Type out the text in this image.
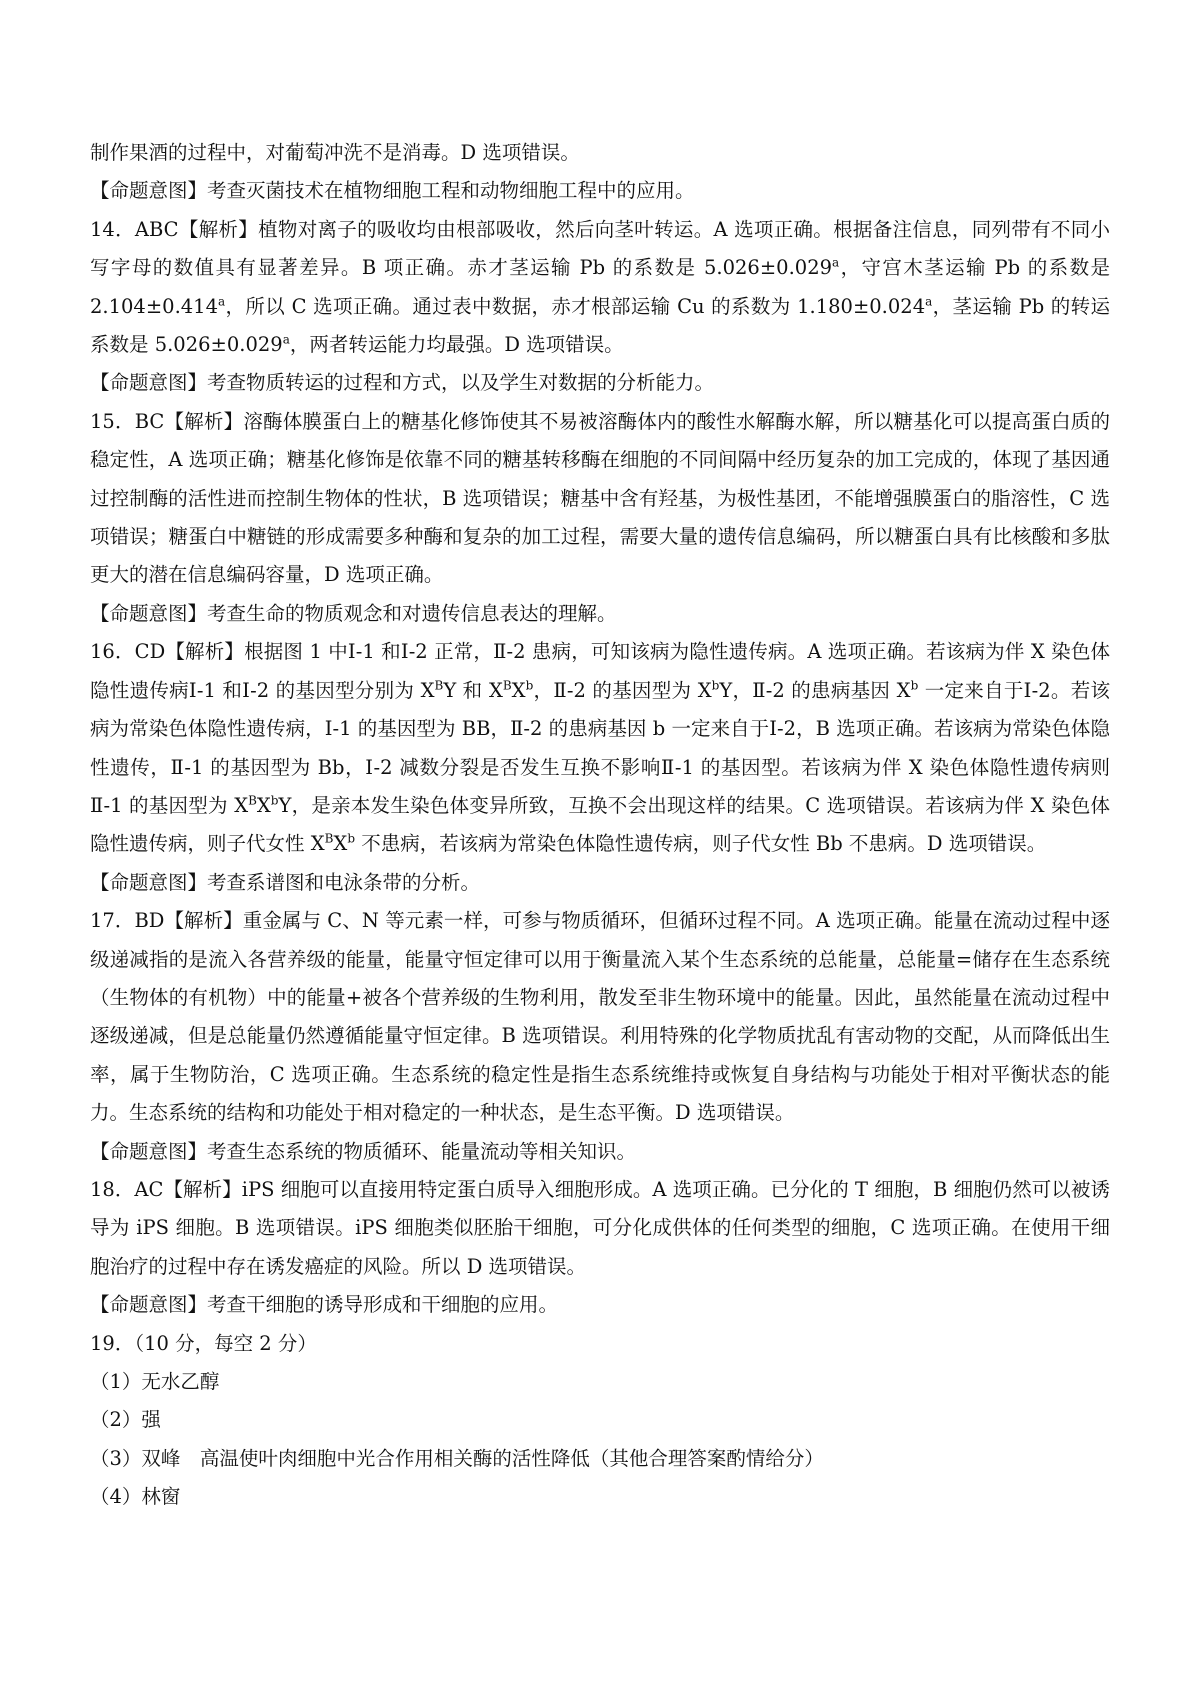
制作果酒的过程中，对葡萄冲洗不是消毒。D 选项错误。

【命题意图】考查灭菌技术在植物细胞工程和动物细胞工程中的应用。

14．ABC【解析】植物对离子的吸收均由根部吸收，然后向茎叶转运。A 选项正确。根据备注信息，同列带有不同小写字母的数值具有显著差异。B 项正确。赤才茎运输 Pb 的系数是 5.026±0.029$^a$，守宫木茎运输 Pb 的系数是 2.104±0.414$^a$，所以 C 选项正确。通过表中数据，赤才根部运输 Cu 的系数为 1.180±0.024$^a$，茎运输 Pb 的转运系数是 5.026±0.029$^a$，两者转运能力均最强。D 选项错误。

【命题意图】考查物质转运的过程和方式，以及学生对数据的分析能力。

15．BC【解析】溶酶体膜蛋白上的糖基化修饰使其不易被溶酶体内的酸性水解酶水解，所以糖基化可以提高蛋白质的稳定性，A 选项正确；糖基化修饰是依靠不同的糖基转移酶在细胞的不同间隔中经历复杂的加工完成的，体现了基因通过控制酶的活性进而控制生物体的性状，B 选项错误；糖基中含有羟基，为极性基团，不能增强膜蛋白的脂溶性，C 选项错误；糖蛋白中糖链的形成需要多种酶和复杂的加工过程，需要大量的遗传信息编码，所以糖蛋白具有比核酸和多肽更大的潜在信息编码容量，D 选项正确。

【命题意图】考查生命的物质观念和对遗传信息表达的理解。

16．CD【解析】根据图 1 中Ⅰ-1 和Ⅰ-2 正常，Ⅱ-2 患病，可知该病为隐性遗传病。A 选项正确。若该病为伴 X 染色体隐性遗传病Ⅰ-1 和Ⅰ-2 的基因型分别为 $X^BY$ 和 $X^BX^b$，Ⅱ-2 的基因型为 $X^bY$，Ⅱ-2 的患病基因 $X^b$ 一定来自于Ⅰ-2。若该病为常染色体隐性遗传病，Ⅰ-1 的基因型为 BB，Ⅱ-2 的患病基因 b 一定来自于Ⅰ-2，B 选项正确。若该病为常染色体隐性遗传，Ⅱ-1 的基因型为 Bb，Ⅰ-2 减数分裂是否发生互换不影响Ⅱ-1 的基因型。若该病为伴 X 染色体隐性遗传病则Ⅱ-1 的基因型为 $X^BX^bY$，是亲本发生染色体变异所致，互换不会出现这样的结果。C 选项错误。若该病为伴 X 染色体隐性遗传病，则子代女性 $X^BX^b$ 不患病，若该病为常染色体隐性遗传病，则子代女性 Bb 不患病。D 选项错误。

【命题意图】考查系谱图和电泳条带的分析。

17．BD【解析】重金属与 C、N 等元素一样，可参与物质循环，但循环过程不同。A 选项正确。能量在流动过程中逐级递减指的是流入各营养级的能量，能量守恒定律可以用于衡量流入某个生态系统的总能量，总能量=储存在生态系统（生物体的有机物）中的能量+被各个营养级的生物利用，散发至非生物环境中的能量。因此，虽然能量在流动过程中逐级递减，但是总能量仍然遵循能量守恒定律。B 选项错误。利用特殊的化学物质扰乱有害动物的交配，从而降低出生率，属于生物防治，C 选项正确。生态系统的稳定性是指生态系统维持或恢复自身结构与功能处于相对平衡状态的能力。生态系统的结构和功能处于相对稳定的一种状态，是生态平衡。D 选项错误。

【命题意图】考查生态系统的物质循环、能量流动等相关知识。

18．AC【解析】iPS 细胞可以直接用特定蛋白质导入细胞形成。A 选项正确。已分化的 T 细胞，B 细胞仍然可以被诱导为 iPS 细胞。B 选项错误。iPS 细胞类似胚胎干细胞，可分化成供体的任何类型的细胞，C 选项正确。在使用干细胞治疗的过程中存在诱发癌症的风险。所以 D 选项错误。

【命题意图】考查干细胞的诱导形成和干细胞的应用。

19．（10 分，每空 2 分）

（1）无水乙醇

（2）强

（3）双峰　高温使叶肉细胞中光合作用相关酶的活性降低（其他合理答案酌情给分）

（4）林窗
